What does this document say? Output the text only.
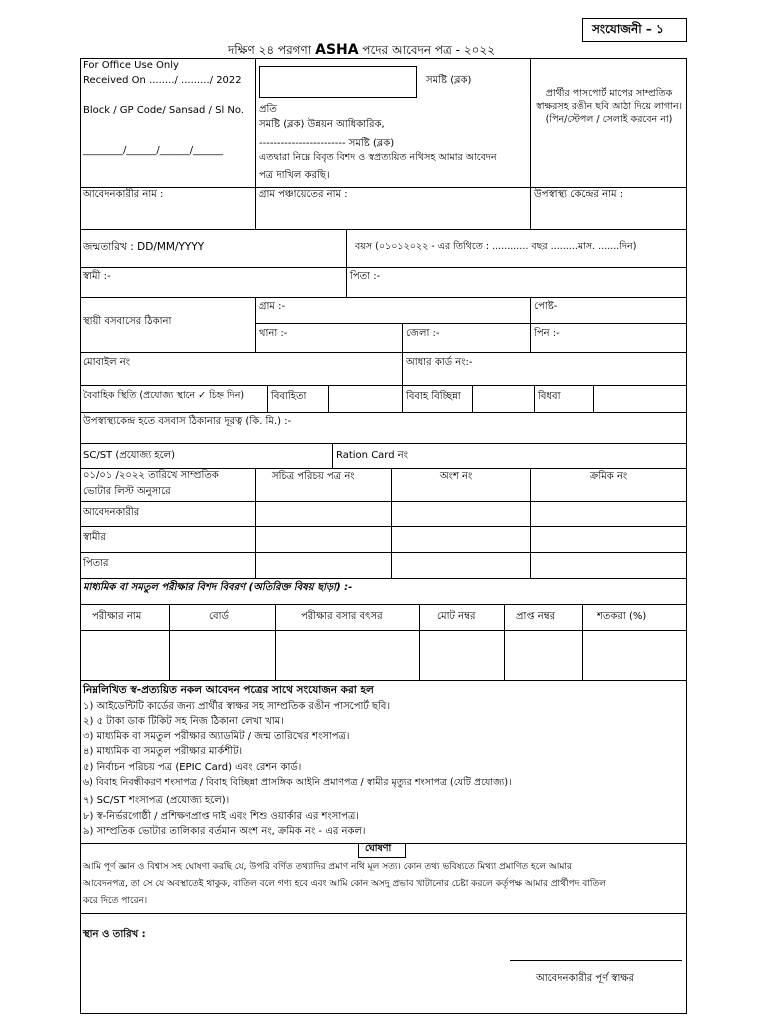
সংযোজনী – ১
দক্ষিণ ২৪ পরগণা ASHA পদের আবেদন পত্র - ২০২২
For Office Use Only
Received On ......../ ........./ 2022
Block / GP Code/ Sansad / Sl No.
________/______/______/______
সমষ্টি (ব্লক)
প্রতি
সমষ্টি (ব্লক) উন্নয়ন আধিকারিক,
------------------------ সমষ্টি (ব্লক)
এতদ্বারা নিম্নে বিবৃত বিশদ ও স্বপ্রত্যয়িত নথিসহ আমার আবেদন
পত্র দাখিল করছি।
প্রার্থীর পাসপোর্ট মাপের সাম্প্রতিক স্বাক্ষরসহ রঙীন ছবি আঠা দিয়ে লাগান। (পিন/স্টেপল / সেলাই করবেন না)
আবেদনকারীর নাম :	গ্রাম পঞ্চায়েতের নাম :	উপস্বাস্থ্য কেন্দ্রের নাম :
জন্মতারিখ : DD/MM/YYYY	বয়স (০১০১২০২২ - এর তিথিতে : ............ বছর .........মাস. .......দিন)
স্বামী :-	পিতা :-
স্থায়ী বসবাসের ঠিকানা
গ্রাম :-	পোষ্ট-
থানা :-	জেলা :-	পিন :-
মোবাইল নং	আধার কার্ড নং:-
বৈবাহিক স্থিতি (প্রযোজ্য স্থানে ✓ চিহ্ন দিন)	বিবাহিতা	বিবাহ বিচ্ছিন্না	বিধবা
উপস্বাস্থ্যকেন্দ্র হতে বসবাস ঠিকানার দূরত্ব (কি. মি.) :-
SC/ST (প্রযোজ্য হলে)	Ration Card নং
০১/০১ /২০২২ তারিখে সাম্প্রতিক
ভোটার লিস্ট অনুসারে
সচিত্র পরিচয় পত্র নং	অংশ নং	ক্রমিক নং
আবেদনকারীর
স্বামীর
পিতার
মাধ্যমিক বা সমতুল পরীক্ষার বিশদ বিবরণ (অতিরিক্ত বিষয় ছাড়া) :-
পরীক্ষার নাম	বোর্ড	পরীক্ষার বসার বৎসর	মোট নম্বর	প্রাপ্ত নম্বর	শতকরা (%)
নিম্নলিখিত স্ব-প্রত্যয়িত নকল আবেদন পত্রের সাথে সংযোজন করা হল
১) আইডেন্টিটি কার্ডের জন্য প্রার্থীর স্বাক্ষর সহ সাম্প্রতিক রঙীন পাসপোর্ট ছবি।
২) ৫ টাকা ডাক টিকিট সহ নিজ ঠিকানা লেখা খাম।
৩) মাধ্যমিক বা সমতুল পরীক্ষার অ্যাডমিট / জন্ম তারিখের শংসাপত্র।
৪) মাধ্যমিক বা সমতুল পরীক্ষার মার্কশীট।
৫) নির্বাচন পরিচয় পত্র (EPIC Card) এবং রেশন কার্ড।
৬) বিবাহ নিবন্ধীকরণ শংসাপত্র / বিবাহ বিচ্ছিন্না প্রাসঙ্গিক আইনি প্রমাণপত্র / স্বামীর মৃত্যুর শংসাপত্র (যেটি প্রযোজ্য)।
৭) SC/ST শংসাপত্র (প্রযোজ্য হলে)।
৮) স্ব-নির্ভরগোষ্ঠী / প্রশিক্ষণপ্রাপ্ত দাই এবং শিশু ওয়ার্কার এর শংসাপত্র।
৯) সাম্প্রতিক ভোটার তালিকার বর্তমান অংশ নং, ক্রমিক নং - এর নকল।
ঘোষণা
আমি পূর্ণ জ্ঞান ও বিশ্বাস সহ ঘোষণা করছি যে, উপরি বর্ণিত তথ্যাদির প্রমাণ নথি মূল সত্য। কোন তথ্য ভবিষ্যতে মিথ্যা প্রমাণিত হলে আমার
আবেদনপত্র, তা সে যে অবস্থাতেই থাকুক, বাতিল বলে গণ্য হবে এবং আমি কোন অসদু প্রভাব খাটানোর চেষ্টা করলে কর্তৃপক্ষ আমার প্রার্থীপদ বাতিল
করে দিতে পারেন।
স্থান ও তারিখ :
আবেদনকারীর পূর্ণ স্বাক্ষর
